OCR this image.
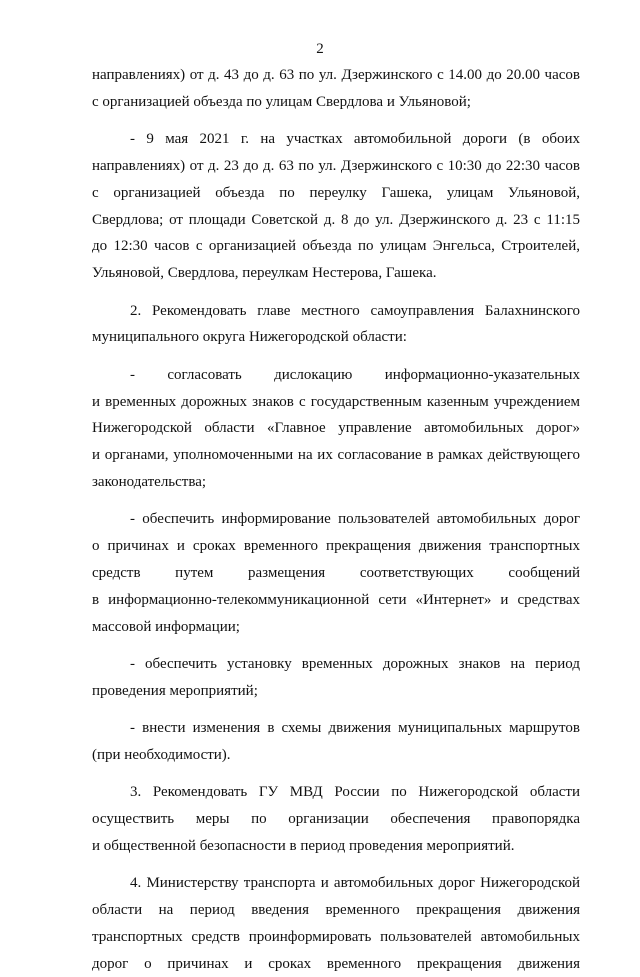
2
направлениях) от д. 43 до д. 63 по ул. Дзержинского с 14.00 до 20.00 часов
с организацией объезда по улицам Свердлова и Ульяновой;
- 9 мая 2021 г. на участках автомобильной дороги (в обоих
направлениях) от д. 23 до д. 63 по ул. Дзержинского с 10:30 до 22:30 часов
с организацией объезда по переулку Гашека, улицам Ульяновой,
Свердлова; от площади Советской д. 8 до ул. Дзержинского д. 23 с 11:15
до 12:30 часов с организацией объезда по улицам Энгельса, Строителей,
Ульяновой, Свердлова, переулкам Нестерова, Гашека.
2. Рекомендовать главе местного самоуправления Балахнинского
муниципального округа Нижегородской области:
- согласовать дислокацию информационно-указательных
и временных дорожных знаков с государственным казенным учреждением
Нижегородской области «Главное управление автомобильных дорог»
и органами, уполномоченными на их согласование в рамках действующего
законодательства;
- обеспечить информирование пользователей автомобильных дорог
о причинах и сроках временного прекращения движения транспортных
средств путем размещения соответствующих сообщений
в информационно-телекоммуникационной сети «Интернет» и средствах
массовой информации;
- обеспечить установку временных дорожных знаков на период
проведения мероприятий;
- внести изменения в схемы движения муниципальных маршрутов
(при необходимости).
3. Рекомендовать ГУ МВД России по Нижегородской области
осуществить меры по организации обеспечения правопорядка
и общественной безопасности в период проведения мероприятий.
4. Министерству транспорта и автомобильных дорог Нижегородской
области на период введения временного прекращения движения
транспортных средств проинформировать пользователей автомобильных
дорог о причинах и сроках временного прекращения движения
